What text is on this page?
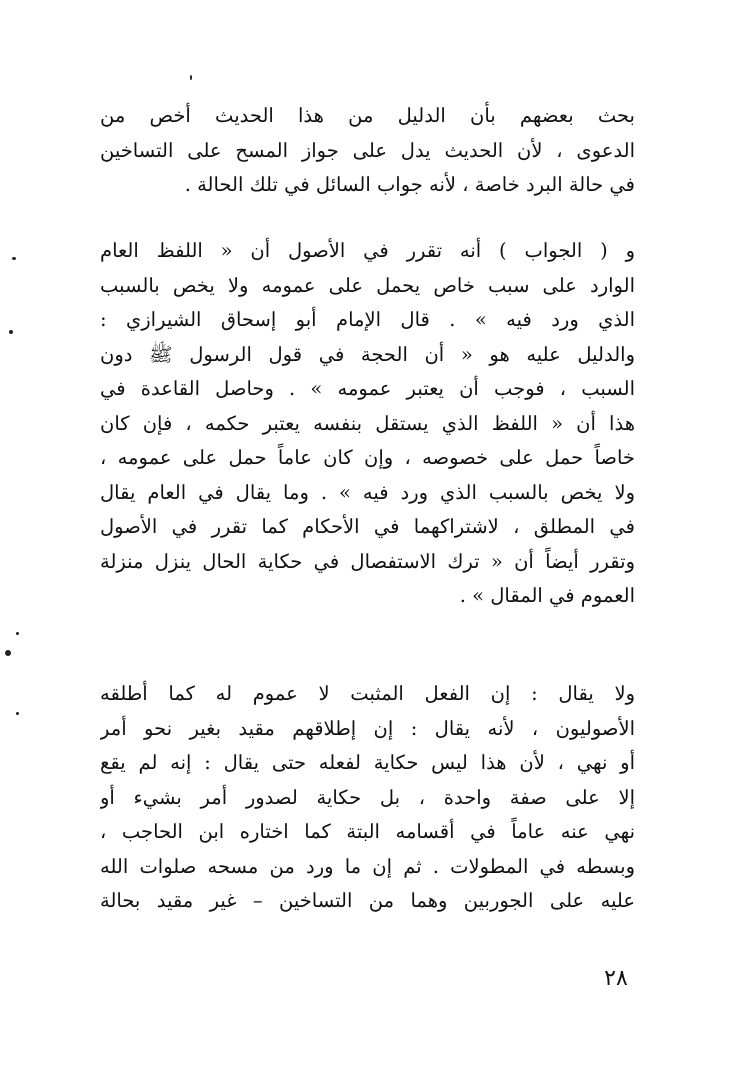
بحث بعضهم بأن الدليل من هذا الحديث أخص من
الدعوى ، لأن الحديث يدل على جواز المسح على التساخين
في حالة البرد خاصة ، لأنه جواب السائل في تلك الحالة .
و ( الجواب ) أنه تقرر في الأصول أن « اللفظ العام
الوارد على سبب خاص يحمل على عمومه ولا يخص بالسبب
الذي ورد فيه » . قال الإمام أبو إسحاق الشيرازي :
والدليل عليه هو « أن الحجة في قول الرسول ﷺ دون
السبب ، فوجب أن يعتبر عمومه » . وحاصل القاعدة في
هذا أن « اللفظ الذي يستقل بنفسه يعتبر حكمه ، فإن كان
خاصاً حمل على خصوصه ، وإن كان عاماً حمل على عمومه ،
ولا يخص بالسبب الذي ورد فيه » . وما يقال في العام يقال
في المطلق ، لاشتراكهما في الأحكام كما تقرر في الأصول
وتقرر أيضاً أن « ترك الاستفصال في حكاية الحال ينزل منزلة
العموم في المقال » .
ولا يقال : إن الفعل المثبت لا عموم له كما أطلقه
الأصوليون ، لأنه يقال : إن إطلاقهم مقيد بغير نحو أمر
أو نهي ، لأن هذا ليس حكاية لفعله حتى يقال : إنه لم يقع
إلا على صفة واحدة ، بل حكاية لصدور أمر بشيء أو
نهي عنه عاماً في أقسامه البتة كما اختاره ابن الحاجب ،
وبسطه في المطولات . ثم إن ما ورد من مسحه صلوات الله
عليه على الجوربين وهما من التساخين – غير مقيد بحالة
٢٨
